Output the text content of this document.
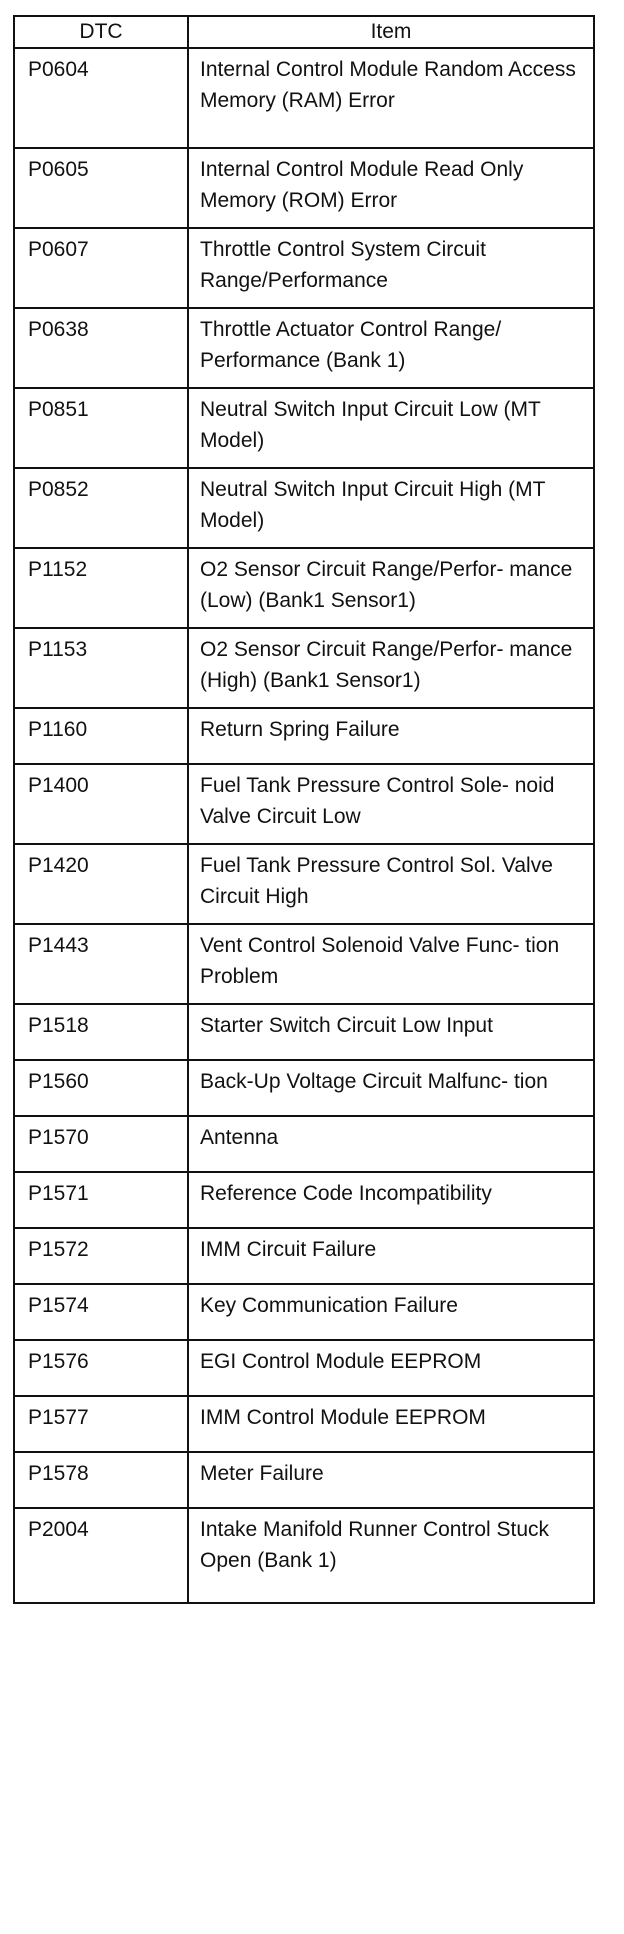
DTC	Item
P0604	Internal Control Module Random Access Memory (RAM) Error
P0605	Internal Control Module Read Only Memory (ROM) Error
P0607	Throttle Control System Circuit Range/Performance
P0638	Throttle Actuator Control Range/ Performance (Bank 1)
P0851	Neutral Switch Input Circuit Low (MT Model)
P0852	Neutral Switch Input Circuit High (MT Model)
P1152	O2 Sensor Circuit Range/Perfor- mance (Low) (Bank1 Sensor1)
P1153	O2 Sensor Circuit Range/Perfor- mance (High) (Bank1 Sensor1)
P1160	Return Spring Failure
P1400	Fuel Tank Pressure Control Sole- noid Valve Circuit Low
P1420	Fuel Tank Pressure Control Sol. Valve Circuit High
P1443	Vent Control Solenoid Valve Func- tion Problem
P1518	Starter Switch Circuit Low Input
P1560	Back-Up Voltage Circuit Malfunc- tion
P1570	Antenna
P1571	Reference Code Incompatibility
P1572	IMM Circuit Failure
P1574	Key Communication Failure
P1576	EGI Control Module EEPROM
P1577	IMM Control Module EEPROM
P1578	Meter Failure
P2004	Intake Manifold Runner Control Stuck Open (Bank 1)
